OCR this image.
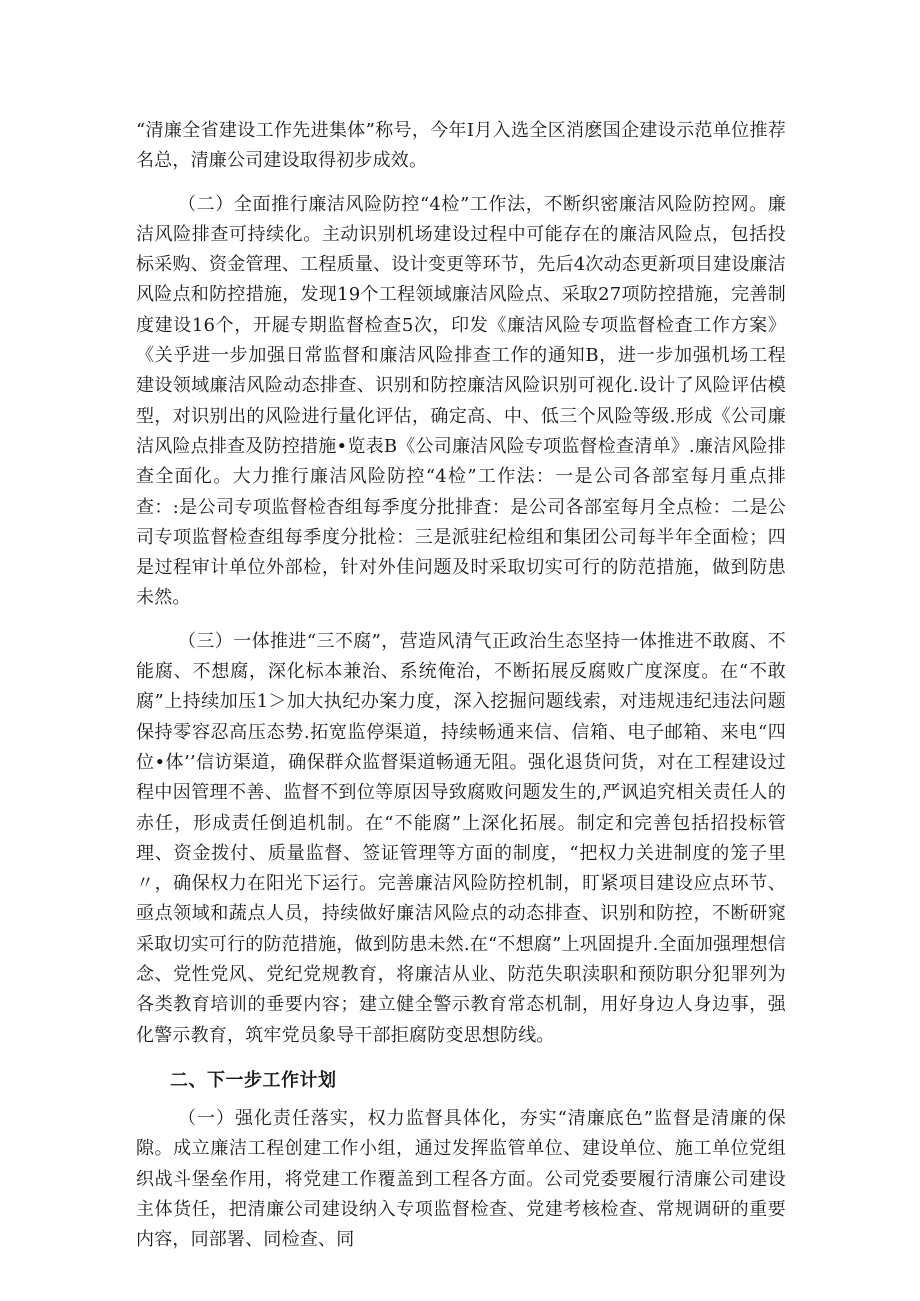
“清廉全省建设工作先进集体”称号，今年I月入选全区消麽国企建设示范单位推荐名总，清廉公司建设取得初步成效。

（二）全面推行廉洁风险防控“4检”工作法，不断织密廉洁风险防控网。廉洁风险排查可持续化。主动识别机场建设过程中可能存在的廉洁风险点，包括投标采购、资金管理、工程质量、设计变更等环节，先后4次动态更新项目建设廉洁风险点和防控措施，发现19个工程领域廉洁风险点、采取27项防控措施，完善制度建设16个，开屣专期监督检查5次，印发《廉洁风险专项监督检査工作方案》《关乎进一步加强日常监督和廉洁风险排查工作的通知B，进一步加强机场工程建设领域廉洁风险动态排查、识别和防控廉洁风险识别可视化.设计了风险评估模型，对识别出的风险进行量化评估，确定高、中、低三个风险等级.形成《公司廉洁风险点排查及防控措施•览表B《公司廉洁风险专项监督检查清单》.廉洁风险排查全面化。大力推行廉洁风险防控“4检”工作法：一是公司各部室每月重点排查：:是公司专项监督检杳组每季度分批排査：是公司各部室每月全点检：二是公司专项监督检查组每季度分批检：三是派驻纪检组和集团公司每半年全面检；四是过程审计单位外部检，针对外佳问题及时采取切实可行的防范措施，做到防患未然。

（三）一体推进“三不腐”，营造风清气正政治生态坚持一体推进不敢腐、不能腐、不想腐，深化标本兼治、系统俺治，不断拓展反腐败广度深度。在“不敢腐”上持续加压1＞加大执纪办案力度，深入挖掘问题线索，对违规违纪违法问题保持零容忍高压态势.拓宽监停渠道，持续畅通来信、信箱、电子邮箱、来电“四位•体’’信访渠道，确保群众监督渠道畅通无阻。强化退货问货，对在工程建设过程中因管理不善、监督不到位等原因导致腐败问题发生的,严讽追究相关责任人的赤任，形成责任倒追机制。在“不能腐”上深化拓展。制定和完善包括招投标管理、资金拨付、质量监督、签证管理等方面的制度，“把权力关进制度的笼子里〃，确保权力在阳光下运行。完善廉洁风险防控机制，盯紧项目建设应点环节、亟点领域和蔬点人员，持续做好廉洁风险点的动态排查、识别和防控，不断研窕采取切实可行的防范措施，做到防患未然.在“不想腐”上巩固提升.全面加强理想信念、党性党风、党纪党规教育，将廉洁从业、防范失职渎职和预防职分犯罪列为各类教育培训的垂要内容；建立健全警示教育常态机制，用好身边人身边事，强化警示教育，筑牢党员象导干部拒腐防变思想防线。

二、下一步工作计划

（一）强化责任落实，权力监督具体化，夯实“清廉底色”监督是清廉的保隙。成立廉洁工程创建工作小组，通过发挥监管单位、建设单位、施工单位党组织战斗堡垒作用，将党建工作覆盖到工程各方面。公司党委要履行清廉公司建设主体货任，把清廉公司建设纳入专项监督检查、党建考核检查、常规调研的重要内容，同部署、同检查、同
